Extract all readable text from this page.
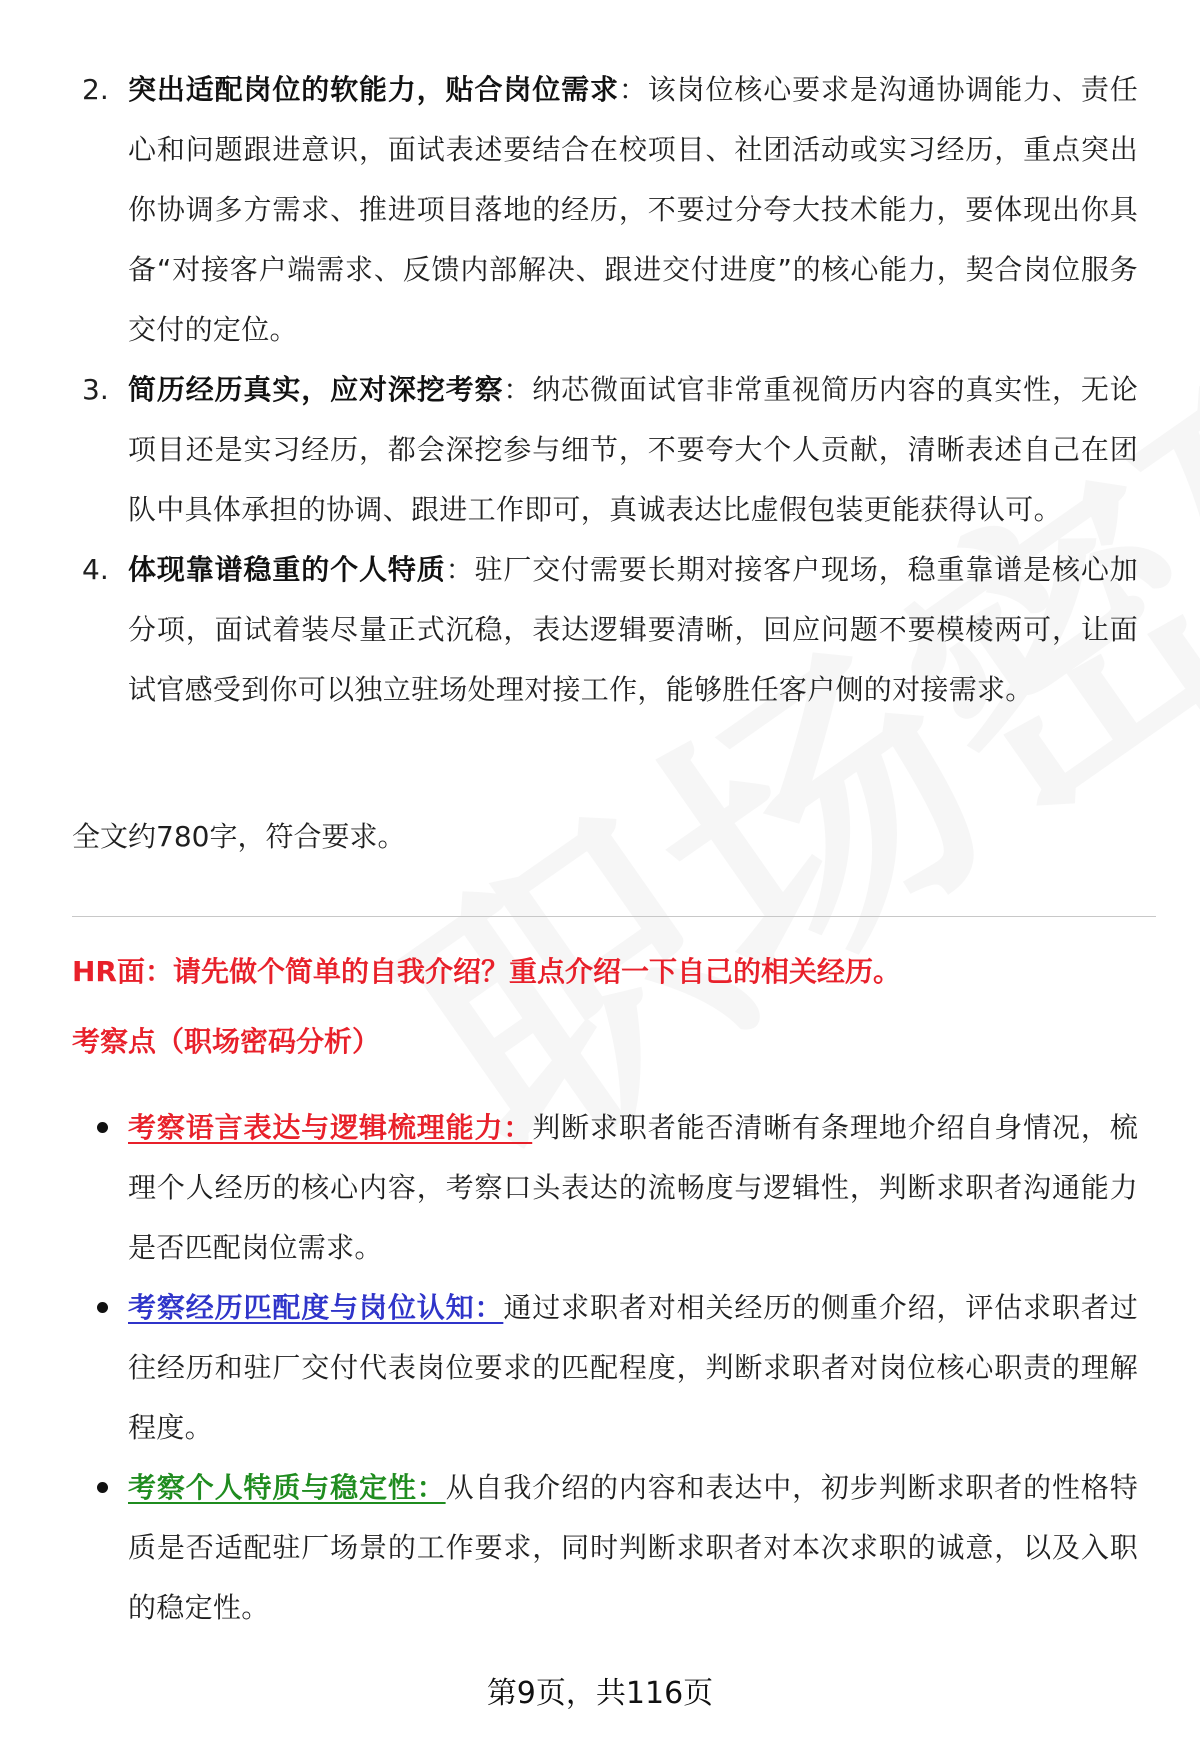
2. 突出适配岗位的软能力，贴合岗位需求：该岗位核心要求是沟通协调能力、责任心和问题跟进意识，面试表述要结合在校项目、社团活动或实习经历，重点突出你协调多方需求、推进项目落地的经历，不要过分夸大技术能力，要体现出你具备“对接客户端需求、反馈内部解决、跟进交付进度”的核心能力，契合岗位服务交付的定位。
3. 简历经历真实，应对深挖考察：纳芯微面试官非常重视简历内容的真实性，无论项目还是实习经历，都会深挖参与细节，不要夸大个人贡献，清晰表述自己在团队中具体承担的协调、跟进工作即可，真诚表达比虚假包装更能获得认可。
4. 体现靠谱稳重的个人特质：驻厂交付需要长期对接客户现场，稳重靠谱是核心加分项，面试着装尽量正式沉稳，表达逻辑要清晰，回应问题不要模棱两可，让面试官感受到你可以独立驻场处理对接工作，能够胜任客户侧的对接需求。
全文约780字，符合要求。
HR面：请先做个简单的自我介绍？重点介绍一下自己的相关经历。
考察点（职场密码分析）
考察语言表达与逻辑梳理能力：判断求职者能否清晰有条理地介绍自身情况，梳理个人经历的核心内容，考察口头表达的流畅度与逻辑性，判断求职者沟通能力是否匹配岗位需求。
考察经历匹配度与岗位认知：通过求职者对相关经历的侧重介绍，评估求职者过往经历和驻厂交付代表岗位要求的匹配程度，判断求职者对岗位核心职责的理解程度。
考察个人特质与稳定性：从自我介绍的内容和表达中，初步判断求职者的性格特质是否适配驻厂场景的工作要求，同时判断求职者对本次求职的诚意，以及入职的稳定性。
第9页，共116页
